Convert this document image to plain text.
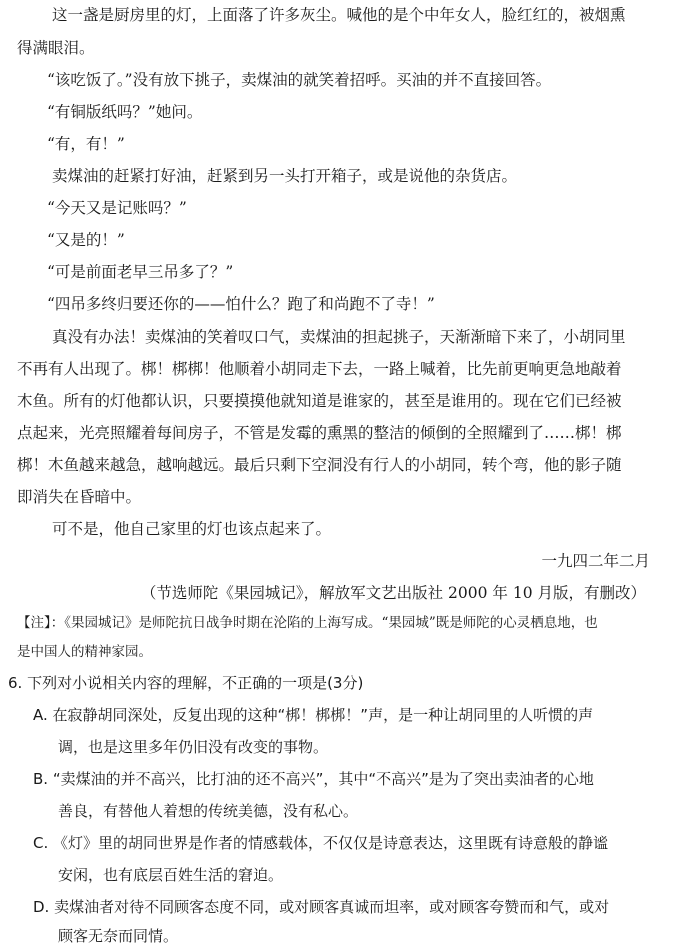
这一盏是厨房里的灯，上面落了许多灰尘。喊他的是个中年女人，脸红红的，被烟熏
得满眼泪。
“该吃饭了。”没有放下挑子，卖煤油的就笑着招呼。买油的并不直接回答。
“有铜版纸吗？”她问。
“有，有！”
卖煤油的赶紧打好油，赶紧到另一头打开箱子，或是说他的杂货店。
“今天又是记账吗？”
“又是的！”
“可是前面老早三吊多了？”
“四吊多终归要还你的——怕什么？跑了和尚跑不了寺！”
真没有办法！卖煤油的笑着叹口气，卖煤油的担起挑子，天渐渐暗下来了，小胡同里
不再有人出现了。梆！梆梆！他顺着小胡同走下去，一路上喊着，比先前更响更急地敲着
木鱼。所有的灯他都认识，只要摸摸他就知道是谁家的，甚至是谁用的。现在它们已经被
点起来，光亮照耀着每间房子，不管是发霉的熏黑的整洁的倾倒的全照耀到了……梆！梆
梆！木鱼越来越急，越响越远。最后只剩下空洞没有行人的小胡同，转个弯，他的影子随
即消失在昏暗中。
可不是，他自己家里的灯也该点起来了。
一九四二年二月
（节选师陀《果园城记》，解放军文艺出版社 2000 年 10 月版，有删改）
【注】：《果园城记》是师陀抗日战争时期在沦陷的上海写成。“果园城”既是师陀的心灵栖息地，也
是中国人的精神家园。
6. 下列对小说相关内容的理解，不正确的一项是(3分)
A. 在寂静胡同深处，反复出现的这种“梆！梆梆！”声，是一种让胡同里的人听惯的声
调，也是这里多年仍旧没有改变的事物。
B. “卖煤油的并不高兴，比打油的还不高兴”，其中“不高兴”是为了突出卖油者的心地
善良，有替他人着想的传统美德，没有私心。
C. 《灯》里的胡同世界是作者的情感载体，不仅仅是诗意表达，这里既有诗意般的静谧
安闲，也有底层百姓生活的窘迫。
D. 卖煤油者对待不同顾客态度不同，或对顾客真诚而坦率，或对顾客夸赞而和气，或对
顾客无奈而同情。
